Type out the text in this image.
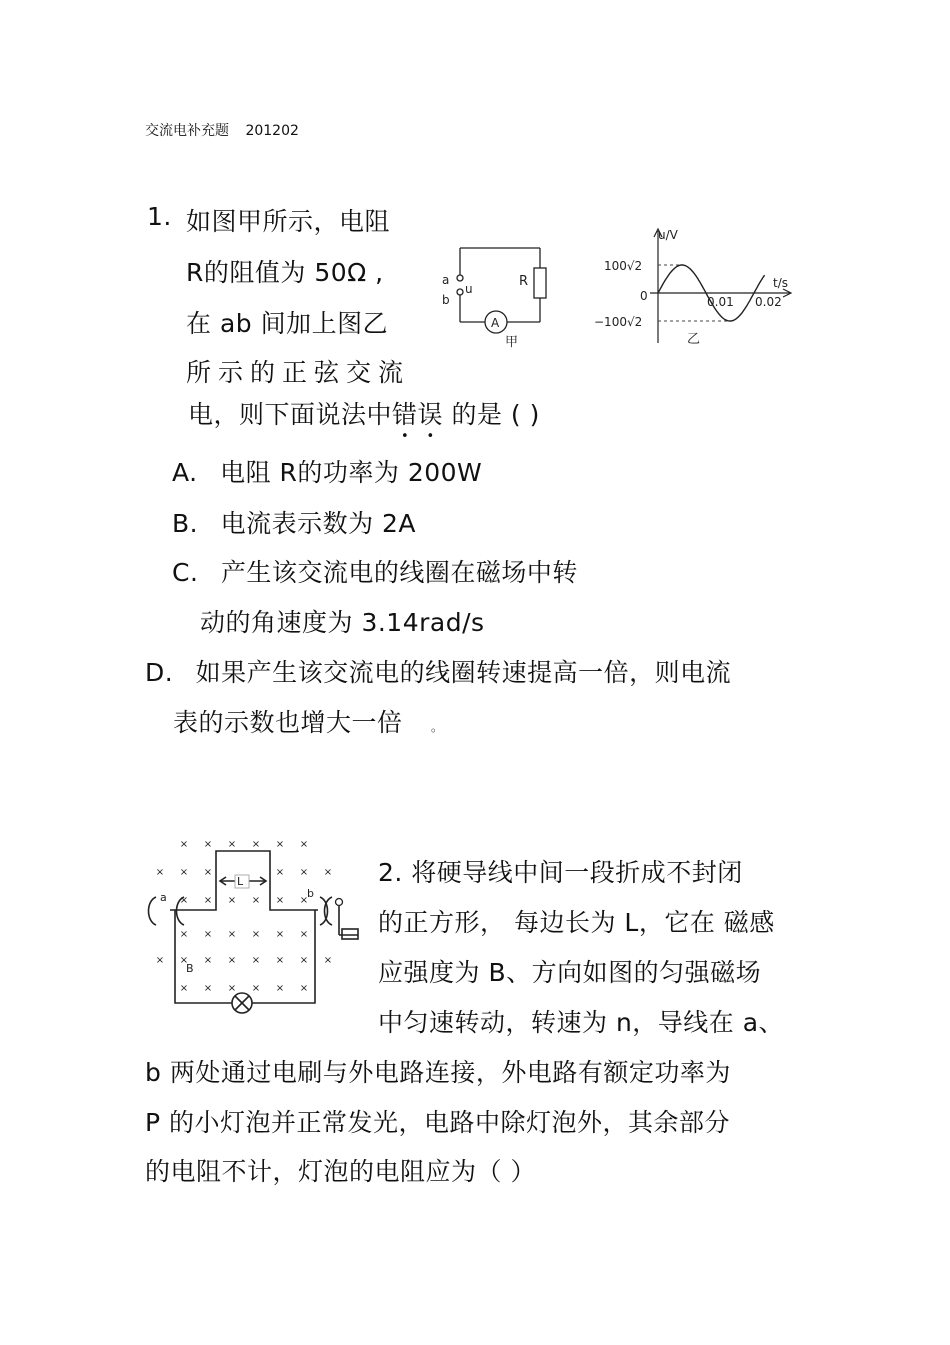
交流电补充题 201202
1. 如图甲所示，电阻
R的阻值为 50Ω ,
在 ab 间加上图乙
所示的正弦交流
电，则下面说法中错误 的是 ( )
a
b
u	R
A
甲
u/V
t/s
100√2
0
−100√2
0.01 0.02
乙
A. 电阻 R的功率为 200W
B. 电流表示数为 2A
C. 产生该交流电的线圈在磁场中转
动的角速度为 3.14rad/s
D. 如果产生该交流电的线圈转速提高一倍，则电流
表的示数也增大一倍 。
× × × × × ×
× ×	× ×
× × × × × ×
× × × × × ×
× × × × × ×
× × × × × ×
×
×
×
×
L
a	b
B
2. 将硬导线中间一段折成不封闭
的正方形， 每边长为 L，它在 磁感
应强度为 B、方向如图的匀强磁场
中匀速转动，转速为 n，导线在 a、
b 两处通过电刷与外电路连接，外电路有额定功率为
P 的小灯泡并正常发光，电路中除灯泡外，其余部分
的电阻不计，灯泡的电阻应为（ ）
